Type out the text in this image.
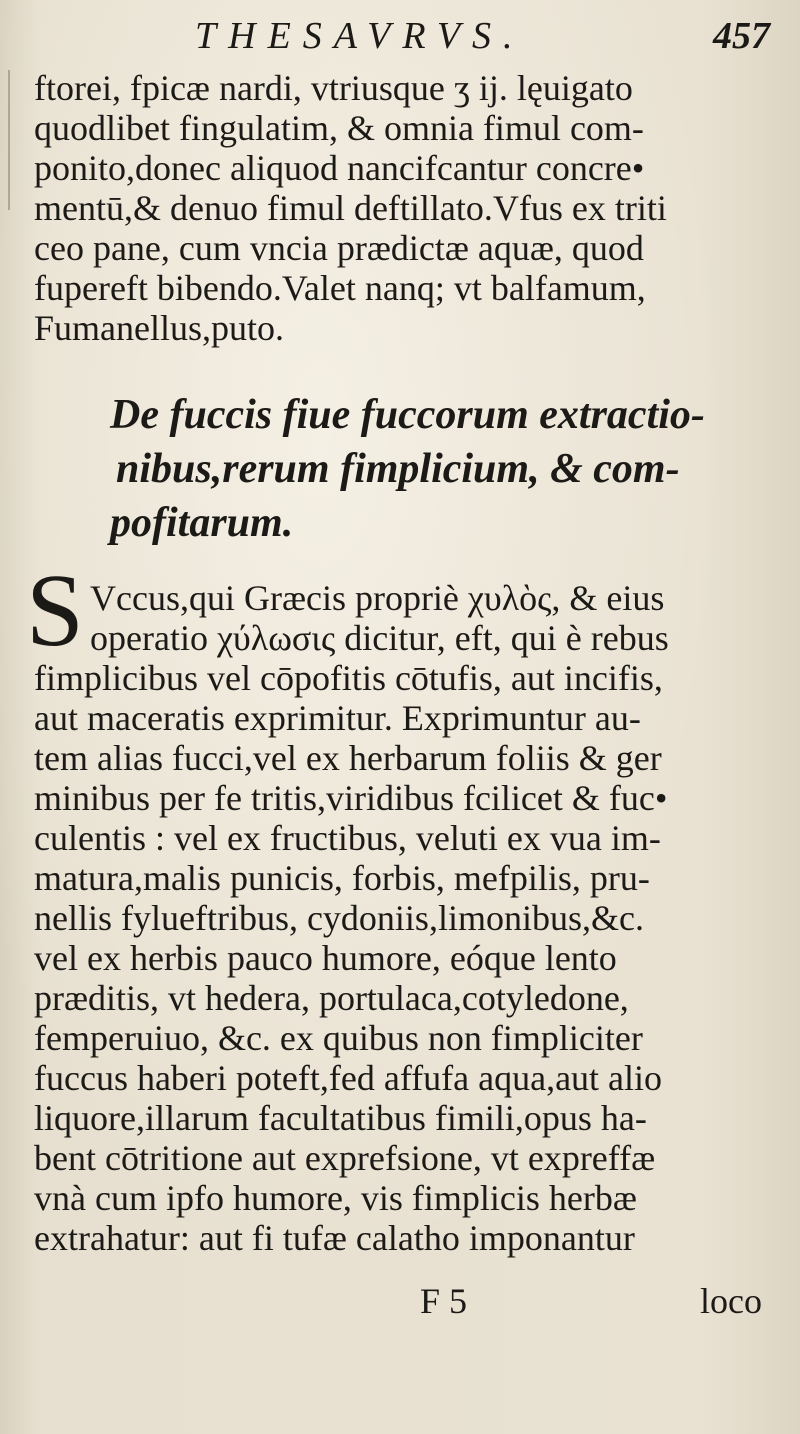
THESAVRVS.	457
ftorei, fpicæ nardi, vtriusque ʒ ij. lęuigato
quodlibet fingulatim, & omnia fimul com-
ponito,donec aliquod nancifcantur concre•
mentū,& denuo fimul deftillato.Vfus ex triti
ceo pane, cum vncia prædictæ aquæ, quod
fupereft bibendo.Valet nanq; vt balfamum,
Fumanellus,puto.
De fuccis fiue fuccorum extractio-
nibus,rerum fimplicium, & com-
pofitarum.
S Vccus,qui Græcis propriè χυλὸς, & eius
operatio χύλωσις dicitur, eft, qui è rebus
fimplicibus vel cōpofitis cōtufis, aut incifis,
aut maceratis exprimitur. Exprimuntur au-
tem alias fucci,vel ex herbarum foliis & ger
minibus per fe tritis,viridibus fcilicet & fuc•
culentis : vel ex fructibus, veluti ex vua im-
matura,malis punicis, forbis, mefpilis, pru-
nellis fylueftribus, cydoniis,limonibus,&c.
vel ex herbis pauco humore, eóque lento
præditis, vt hedera, portulaca,cotyledone,
femperuiuo, &c. ex quibus non fimpliciter
fuccus haberi poteft,fed affufa aqua,aut alio
liquore,illarum facultatibus fimili,opus ha-
bent cōtritione aut exprefsione, vt expreffæ
vnà cum ipfo humore, vis fimplicis herbæ
extrahatur: aut fi tufæ calatho imponantur
F 5	loco
